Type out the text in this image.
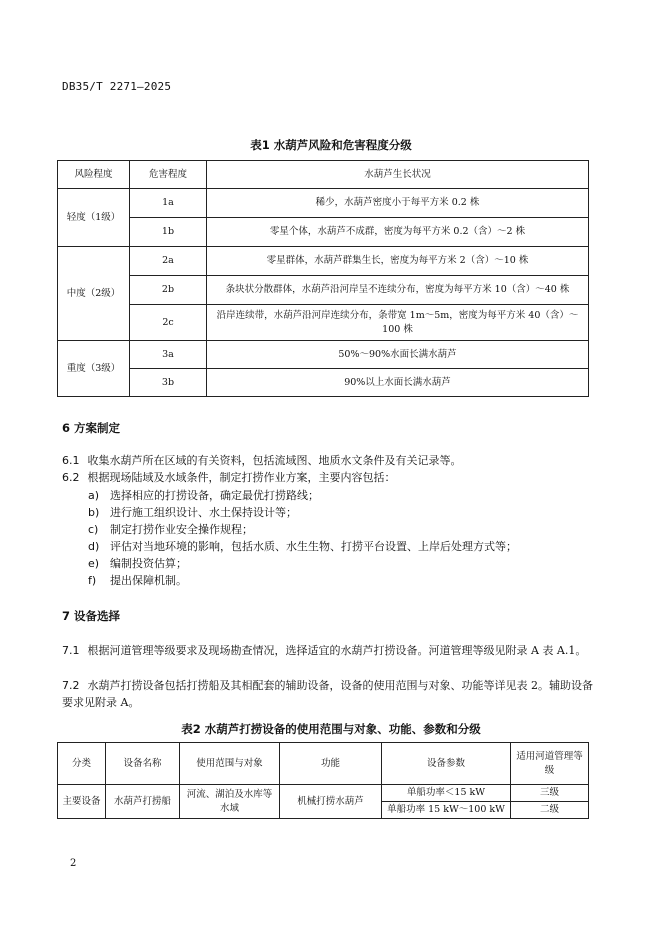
DB35/T 2271—2025
表1 水葫芦风险和危害程度分级
风险程度	危害程度	水葫芦生长状况
轻度（1级）	1a	稀少，水葫芦密度小于每平方米 0.2 株
	1b	零星个体，水葫芦不成群，密度为每平方米 0.2（含）～2 株
中度（2级）	2a	零星群体，水葫芦群集生长，密度为每平方米 2（含）～10 株
	2b	条块状分散群体，水葫芦沿河岸呈不连续分布，密度为每平方米 10（含）～40 株
	2c	沿岸连续带，水葫芦沿河岸连续分布，条带宽 1m～5m，密度为每平方米 40（含）～100 株
重度（3级）	3a	50%～90%水面长满水葫芦
	3b	90%以上水面长满水葫芦
6 方案制定
6.1 收集水葫芦所在区域的有关资料，包括流域图、地质水文条件及有关记录等。
6.2 根据现场陆域及水域条件，制定打捞作业方案，主要内容包括：
a) 选择相应的打捞设备，确定最优打捞路线；
b) 进行施工组织设计、水土保持设计等；
c) 制定打捞作业安全操作规程；
d) 评估对当地环境的影响，包括水质、水生生物、打捞平台设置、上岸后处理方式等；
e) 编制投资估算；
f) 提出保障机制。
7 设备选择
7.1 根据河道管理等级要求及现场勘查情况，选择适宜的水葫芦打捞设备。河道管理等级见附录 A 表 A.1。
7.2 水葫芦打捞设备包括打捞船及其相配套的辅助设备，设备的使用范围与对象、功能等详见表 2。辅助设备要求见附录 A。
表2 水葫芦打捞设备的使用范围与对象、功能、参数和分级
分类	设备名称	使用范围与对象	功能	设备参数	适用河道管理等级
主要设备	水葫芦打捞船	河流、湖泊及水库等水域	机械打捞水葫芦	单船功率＜15 kW	三级
				单船功率 15 kW～100 kW	二级
2
